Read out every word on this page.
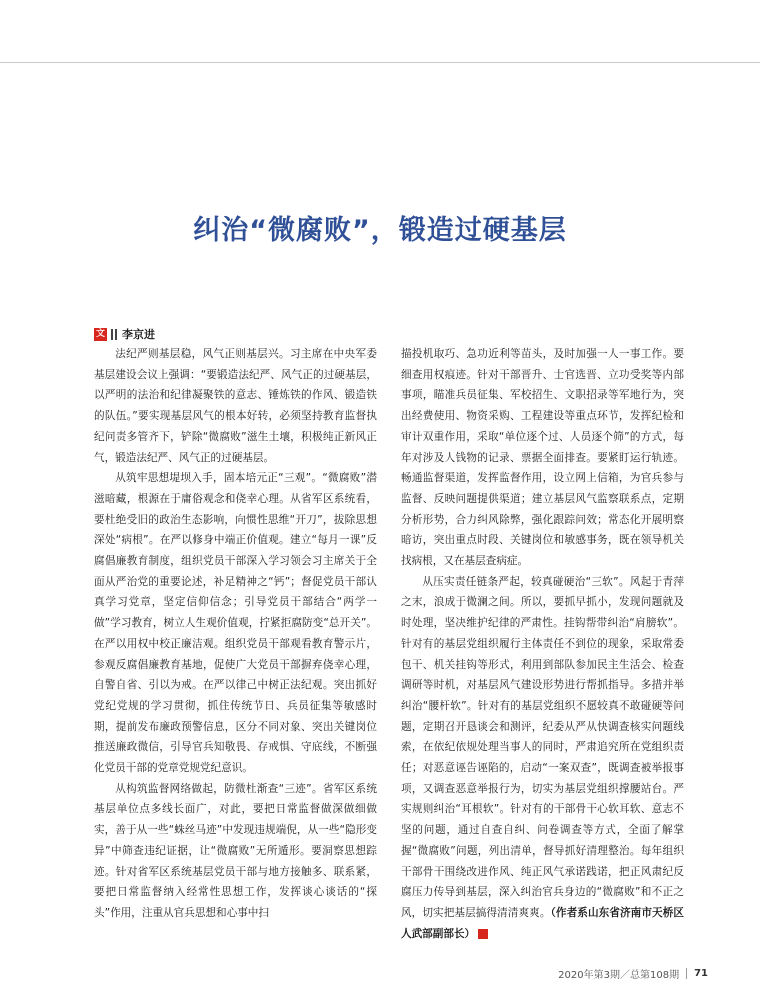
纠治“微腐败”，锻造过硬基层
文 李京进

法纪严则基层稳，风气正则基层兴。习主席在中央军委基层建设会议上强调：“要锻造法纪严、风气正的过硬基层，以严明的法治和纪律凝聚铁的意志、锤炼铁的作风、锻造铁的队伍。”要实现基层风气的根本好转，必须坚持教育监督执纪问责多管齐下，铲除“微腐败”滋生土壤，积极纯正新风正气，锻造法纪严、风气正的过硬基层。

从筑牢思想堤坝入手，固本培元正“三观”。“微腐败”潜滋暗藏，根源在于庸俗观念和侥幸心理。从省军区系统看，要杜绝受旧的政治生态影响，向惯性思维“开刀”，拔除思想深处“病根”。在严以修身中端正价值观。建立“每月一课”反腐倡廉教育制度，组织党员干部深入学习领会习主席关于全面从严治党的重要论述，补足精神之“钙”；督促党员干部认真学习党章，坚定信仰信念；引导党员干部结合“两学一做”学习教育，树立人生观价值观，拧紧拒腐防变“总开关”。在严以用权中校正廉洁观。组织党员干部观看教育警示片，参观反腐倡廉教育基地，促使广大党员干部摒弃侥幸心理，自警自省、引以为戒。在严以律己中树正法纪观。突出抓好党纪党规的学习贯彻，抓住传统节日、兵员征集等敏感时期，提前发布廉政预警信息，区分不同对象、突出关键岗位推送廉政微信，引导官兵知敬畏、存戒惧、守底线，不断强化党员干部的党章党规党纪意识。

从构筑监督网络做起，防微杜渐查“三迹”。省军区系统基层单位点多线长面广，对此，要把日常监督做深做细做实，善于从一些“蛛丝马迹”中发现违规端倪，从一些“隐形变异”中筛查违纪证据，让“微腐败”无所遁形。要洞察思想踪迹。针对省军区系统基层党员干部与地方接触多、联系紧，要把日常监督纳入经常性思想工作，发挥谈心谈话的“探头”作用，注重从官兵思想和心事中扫

描投机取巧、急功近利等苗头，及时加强一人一事工作。要细查用权痕迹。针对干部晋升、士官选晋、立功受奖等内部事项，瞄准兵员征集、军校招生、文职招录等军地行为，突出经费使用、物资采购、工程建设等重点环节，发挥纪检和审计双重作用，采取“单位逐个过、人员逐个筛”的方式，每年对涉及人钱物的记录、票据全面排查。要紧盯运行轨迹。畅通监督渠道，发挥监督作用，设立网上信箱，为官兵参与监督、反映问题提供渠道；建立基层风气监察联系点，定期分析形势，合力纠风除弊，强化跟踪问效；常态化开展明察暗访，突出重点时段、关键岗位和敏感事务，既在领导机关找病根，又在基层查病症。

从压实责任链条严起，较真碰硬治“三软”。风起于青萍之末，浪成于微澜之间。所以，要抓早抓小，发现问题就及时处理，坚决维护纪律的严肃性。挂钩帮带纠治“肩膀软”。针对有的基层党组织履行主体责任不到位的现象，采取常委包干、机关挂钩等形式，利用到部队参加民主生活会、检查调研等时机，对基层风气建设形势进行帮抓指导。多措并举纠治“腰杆软”。针对有的基层党组织不愿较真不敢碰硬等问题，定期召开恳谈会和测评，纪委从严从快调查核实问题线索，在依纪依规处理当事人的同时，严肃追究所在党组织责任；对恶意诬告诬陷的，启动“一案双查”，既调查被举报事项，又调查恶意举报行为，切实为基层党组织撑腰站台。严实规则纠治“耳根软”。针对有的干部骨干心软耳软、意志不坚的问题，通过自查自纠、问卷调查等方式，全面了解掌握“微腐败”问题，列出清单，督导抓好清理整治。每年组织干部骨干围绕改进作风、纯正风气承诺践诺，把正风肃纪反腐压力传导到基层，深入纠治官兵身边的“微腐败”和不正之风，切实把基层搞得清清爽爽。（作者系山东省济南市天桥区人武部副部长）	C

2020年第3期／总第108期 71
